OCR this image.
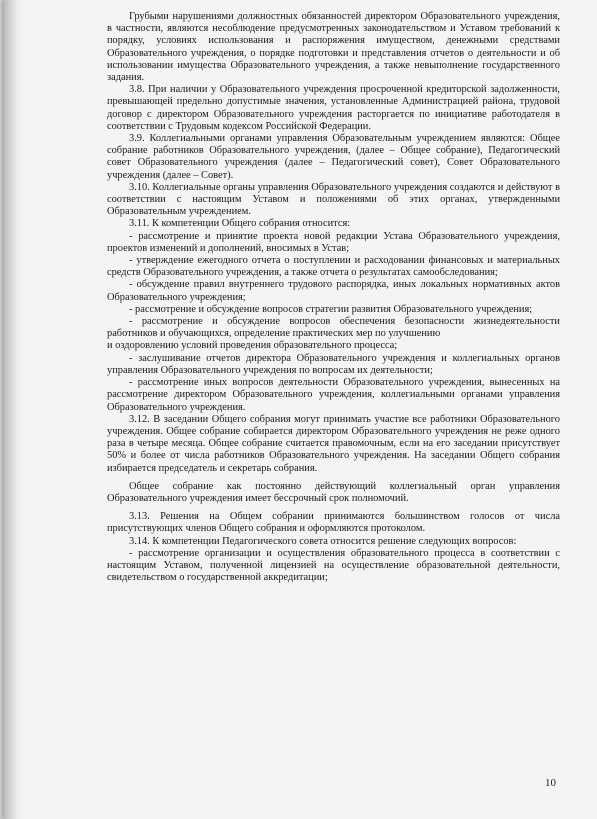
Грубыми нарушениями должностных обязанностей директором Образовательного учреждения, в частности, являются несоблюдение предусмотренных законодательством и Уставом требований к порядку, условиях использования и распоряжения имуществом, денежными средствами Образовательного учреждения, о порядке подготовки и представления отчетов о деятельности и об использовании имущества Образовательного учреждения, а также невыполнение государственного задания.

3.8. При наличии у Образовательного учреждения просроченной кредиторской задолженности, превышающей предельно допустимые значения, установленные Администрацией района, трудовой договор с директором Образовательного учреждения расторгается по инициативе работодателя в соответствии с Трудовым кодексом Российской Федерации.

3.9. Коллегиальными органами управления Образовательным учреждением являются: Общее собрание работников Образовательного учреждения, (далее – Общее собрание), Педагогический совет Образовательного учреждения (далее – Педагогический совет), Совет Образовательного учреждения (далее – Совет).

3.10. Коллегиальные органы управления Образовательного учреждения создаются и действуют в соответствии с настоящим Уставом и положениями об этих органах, утвержденными Образовательным учреждением.

3.11. К компетенции Общего собрания относится:

- рассмотрение и принятие проекта новой редакции Устава Образовательного учреждения, проектов изменений и дополнений, вносимых в Устав;

- утверждение ежегодного отчета о поступлении и расходовании финансовых и материальных средств Образовательного учреждения, а также отчета о результатах самообследования;

- обсуждение правил внутреннего трудового распорядка, иных локальных нормативных актов Образовательного учреждения;

- рассмотрение и обсуждение вопросов стратегии развития Образовательного учреждения;

- рассмотрение и обсуждение вопросов обеспечения безопасности жизнедеятельности работников и обучающихся, определение практических мер по улучшению

и оздоровлению условий проведения образовательного процесса;

- заслушивание отчетов директора Образовательного учреждения и коллегиальных органов управления Образовательного учреждения по вопросам их деятельности;

- рассмотрение иных вопросов деятельности Образовательного учреждения, вынесенных на рассмотрение директором Образовательного учреждения, коллегиальными органами управления Образовательного учреждения.

3.12. В заседании Общего собрания могут принимать участие все работники Образовательного учреждения. Общее собрание собирается директором Образовательного учреждения не реже одного раза в четыре месяца. Общее собрание считается правомочным, если на его заседании присутствует 50% и более от числа работников Образовательного учреждения. На заседании Общего собрания избирается председатель и секретарь собрания.

Общее собрание как постоянно действующий коллегиальный орган управления Образовательного учреждения имеет бессрочный срок полномочий.

3.13. Решения на Общем собрании принимаются большинством голосов от числа присутствующих членов Общего собрания и оформляются протоколом.

3.14. К компетенции Педагогического совета относится решение следующих вопросов:

- рассмотрение организации и осуществления образовательного процесса в соответствии с настоящим Уставом, полученной лицензией на осуществление образовательной деятельности, свидетельством о государственной аккредитации;

10
